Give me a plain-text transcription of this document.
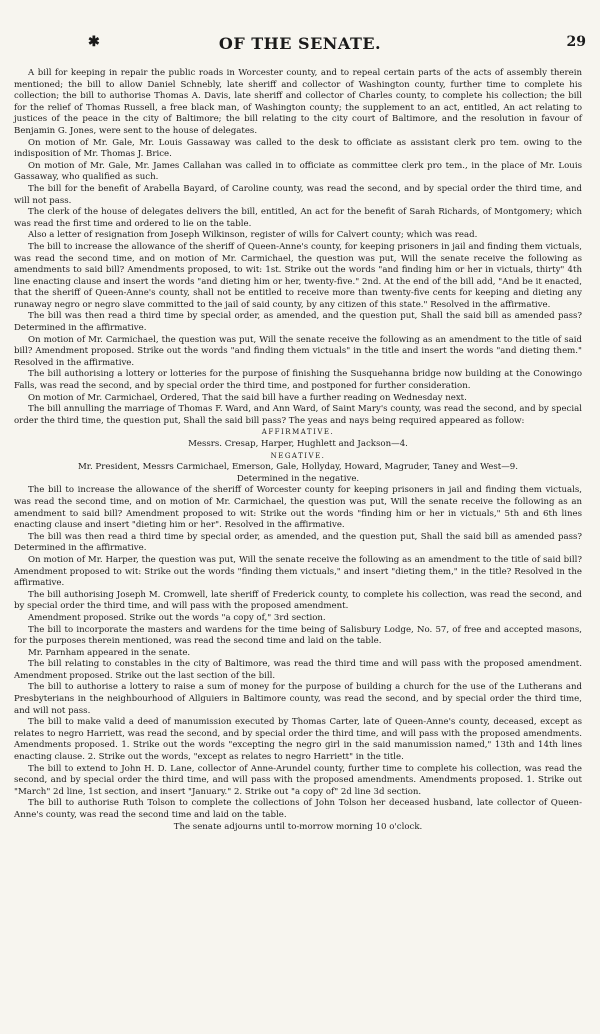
✱	OF THE SENATE.	29

A bill for keeping in repair the public roads in Worcester county, and to repeal certain parts of the acts of assembly therein mentioned; the bill to allow Daniel Schnebly, late sheriff and collector of Washington county, further time to complete his collection; the bill to authorise Thomas A. Davis, late sheriff and collector of Charles county, to complete his collection; the bill for the relief of Thomas Russell, a free black man, of Washington county; the supplement to an act, entitled, An act relating to justices of the peace in the city of Baltimore; the bill relating to the city court of Baltimore, and the resolution in favour of Benjamin G. Jones, were sent to the house of delegates.

On motion of Mr. Gale, Mr. Louis Gassaway was called to the desk to officiate as assistant clerk pro tem. owing to the indisposition of Mr. Thomas J. Brice.

On motion of Mr. Gale, Mr. James Callahan was called in to officiate as committee clerk pro tem., in the place of Mr. Louis Gassaway, who qualified as such.

The bill for the benefit of Arabella Bayard, of Caroline county, was read the second, and by special order the third time, and will not pass.

The clerk of the house of delegates delivers the bill, entitled, An act for the benefit of Sarah Richards, of Montgomery; which was read the first time and ordered to lie on the table.

Also a letter of resignation from Joseph Wilkinson, register of wills for Calvert county; which was read.

The bill to increase the allowance of the sheriff of Queen-Anne's county, for keeping prisoners in jail and finding them victuals, was read the second time, and on motion of Mr. Carmichael, the question was put, Will the senate receive the following as amendments to said bill? Amendments proposed, to wit: 1st. Strike out the words "and finding him or her in victuals, thirty" 4th line enacting clause and insert the words "and dieting him or her, twenty-five." 2nd. At the end of the bill add, "And be it enacted, that the sheriff of Queen-Anne's county, shall not be entitled to receive more than twenty-five cents for keeping and dieting any runaway negro or negro slave committed to the jail of said county, by any citizen of this state." Resolved in the affirmative.

The bill was then read a third time by special order, as amended, and the question put, Shall the said bill as amended pass? Determined in the affirmative.

On motion of Mr. Carmichael, the question was put, Will the senate receive the following as an amendment to the title of said bill? Amendment proposed. Strike out the words "and finding them victuals" in the title and insert the words "and dieting them." Resolved in the affirmative.

The bill authorising a lottery or lotteries for the purpose of finishing the Susquehanna bridge now building at the Conowingo Falls, was read the second, and by special order the third time, and postponed for further consideration.

On motion of Mr. Carmichael, Ordered, That the said bill have a further reading on Wednesday next.

The bill annulling the marriage of Thomas F. Ward, and Ann Ward, of Saint Mary's county, was read the second, and by special order the third time, the question put, Shall the said bill pass? The yeas and nays being required appeared as follow:

AFFIRMATIVE.

Messrs. Cresap, Harper, Hughlett and Jackson—4.

NEGATIVE.

Mr. President, Messrs Carmichael, Emerson, Gale, Hollyday, Howard, Magruder, Taney and West—9.

Determined in the negative.

The bill to increase the allowance of the sheriff of Worcester county for keeping prisoners in jail and finding them victuals, was read the second time, and on motion of Mr. Carmichael, the question was put, Will the senate receive the following as an amendment to said bill? Amendment proposed to wit: Strike out the words "finding him or her in victuals," 5th and 6th lines enacting clause and insert "dieting him or her". Resolved in the affirmative.

The bill was then read a third time by special order, as amended, and the question put, Shall the said bill as amended pass? Determined in the affirmative.

On motion of Mr. Harper, the question was put, Will the senate receive the following as an amendment to the title of said bill? Amendment proposed to wit: Strike out the words "finding them victuals," and insert "dieting them," in the title? Resolved in the affirmative.

The bill authorising Joseph M. Cromwell, late sheriff of Frederick county, to complete his collection, was read the second, and by special order the third time, and will pass with the proposed amendment.

Amendment proposed. Strike out the words "a copy of," 3rd section.

The bill to incorporate the masters and wardens for the time being of Salisbury Lodge, No. 57, of free and accepted masons, for the purposes therein mentioned, was read the second time and laid on the table.

Mr. Parnham appeared in the senate.

The bill relating to constables in the city of Baltimore, was read the third time and will pass with the proposed amendment. Amendment proposed. Strike out the last section of the bill.

The bill to authorise a lottery to raise a sum of money for the purpose of building a church for the use of the Lutherans and Presbyterians in the neighbourhood of Allguiers in Baltimore county, was read the second, and by special order the third time, and will not pass.

The bill to make valid a deed of manumission executed by Thomas Carter, late of Queen-Anne's county, deceased, except as relates to negro Harriett, was read the second, and by special order the third time, and will pass with the proposed amendments. Amendments proposed. 1. Strike out the words "excepting the negro girl in the said manumission named," 13th and 14th lines enacting clause. 2. Strike out the words, "except as relates to negro Harriett" in the title.

The bill to extend to John H. D. Lane, collector of Anne-Arundel county, further time to complete his collection, was read the second, and by special order the third time, and will pass with the proposed amendments. Amendments proposed. 1. Strike out "March" 2d line, 1st section, and insert "January." 2. Strike out "a copy of" 2d line 3d section.

The bill to authorise Ruth Tolson to complete the collections of John Tolson her deceased husband, late collector of Queen-Anne's county, was read the second time and laid on the table.

The senate adjourns until to-morrow morning 10 o'clock.
